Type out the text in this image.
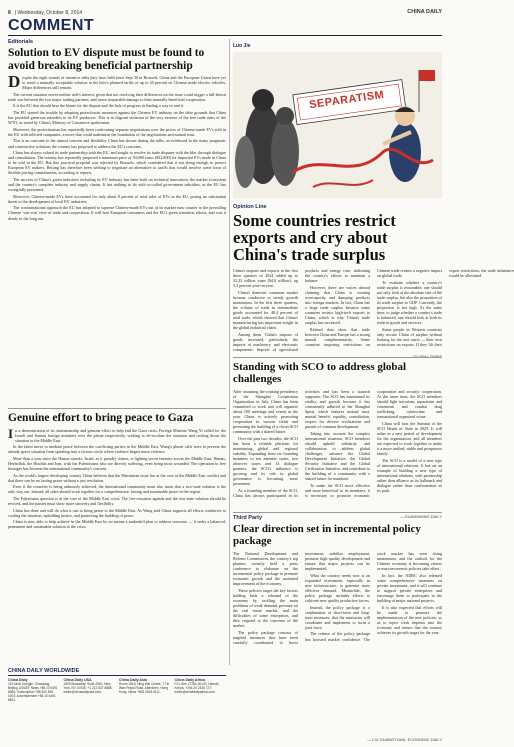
8 | Wednesday, October 8, 2014	CHINA DAILY
COMMENT
Editorials
Solution to EV dispute must be found to avoid breaking beneficial partnership

Despite the eight rounds of intensive talks they have held since Sept 30 in Brussels, China and the European Union have yet to reach a mutually acceptable solution to the bloc's planned tariffs of up to 45 percent on Chinese made electric vehicles. Major differences still remain.

The current situation serves neither side's interest, given that not resolving their differences on the issue could trigger a full-blown trade war between the two major trading partners, and cause irreparable damage to their mutually beneficial cooperation.

It is the EU that should bear the blame for the dispute and the lack of progress in finding a way to end it.

The EU started the trouble by adopting protectionist measures against the Chinese EV industry on the false grounds that China has provided generous subsidies to its EV producers. This is in flagrant violation of the very essence of the free trade rules of the WTO, as noted by China's Ministry of Commerce spokesman.

Moreover, the protectionism has reportedly been confronting separate negotiations over the prices of Chinese-made EVs sold in the EU with selected companies, a move that could undermine the foundation of the negotiations and mutual trust.

This is an outcome to the utmost concern and flexibility China has shown during the talks, as evidenced in the many pragmatic and constructive solutions the country has proposed to address the EU's concerns.

China has always valued its trade partnership with the EU, and sought to resolve its trade disputes with the bloc through dialogue and consultation. The country has reportedly proposed a minimum price of 30,000 euros ($32,800) for imported EVs made in China to be sold in the EU. But this practical proposal was rejected by Brussels, which considered that it not doing enough to protect European EV makers. Beijing has therefore been seeking to negotiate an alternative to tariffs that would involve some form of flexible pricing commitments, according to reports.

The success of China's green industries including its EV industry has been built on technical innovation, the market ecosystem and the country's complete industry and supply chains. It has nothing to do with so-called government subsidies, as the EU has wrongfully presented.

Moreover, Chinese-made EVs have accounted for only about 8 percent of total sales of EVs in the EU, posing no substantial threat to the development of local EV industries.

The confrontational approach the EU has adopted to squeeze Chinese-made EVs out of its market runs counter to the prevailing Chinese 'win-win' view of trade and cooperation. It will hurt European consumers and the EU's green transition efforts, and cost it dearly in the long run.

Genuine effort to bring peace to Gaza

In a demonstration of its statesmanship and genuine effort to help end the Gaza crisis, Foreign Minister Wang Yi called for the Israeli and Iranian foreign ministers over the phone respectively, seeking to de-escalate the situation and cooling down the situation in the Middle East.

In the latest move to mediate peace between the conflicting parties in the Middle East, Wang's phone calls were to prevent the already grave situation from spiraling into a vicious circle where violence begets more violence.

More than a year since the Hamas attacks, Israel, as it proudly claims, is fighting seven enemies across the Middle East: Hamas, Hezbollah, the Houthis and Iran, with the Palestinians who are directly suffering, even being most wounded. The operation to free hostages has become the international community's concern.

As the world's largest developing country China believes that the Palestinian issue lies at the core of the Middle East conflict and that there can be no lasting peace without a just resolution.

Even if the ceasefire is being arduously achieved, the international community must also insist that a two-state solution is the only way out. Instead, all sides should work together for a comprehensive, lasting and sustainable peace in the region.

The Palestinian question is at the core of the Middle East crisis. The fire-cessation agenda and the two-state solution should be revived, and the parties must show more sincerity and flexibility.

China has done and will do what it can to bring peace to the Middle East. As Wang said China supports all efforts conducive to cooling the situation, upholding justice, and promoting the building of peace.

China is now able to help achieve in the Middle East by no means a makeshift plan to address concerns — it seeks a balanced, permanent and sustainable solution to the crisis.

Luo Jie
SEPARATISM
Opinion Line
Some countries restrict exports and cry about China's trade surplus

China's imports and exports in the first three quarters of 2024 added up to 32.33 trillion yuan ($4.6 trillion), up 5.3 percent year-on-year.

China's domestic consumer market became conducive to steady growth momentum. In the first three quarters, the volume of trade in intermediate goods accounted for 48.4 percent of total trade, which showed that China's manufacturing has important weight in the global industrial chain.

Among them, China's imports of goods increased, particularly the imports of machinery, and electronic components. Imports of agricultural products and energy rose, indicating the country's efforts to maintain a balance.

However, there are voices abroad claiming that China is creating overcapacity and dumping products into foreign markets. In fact, China has a large trade surplus because some countries restrict high-tech exports to China, which is why China's trade surplus has increased.

Related data show that trade between China and Europe has a strong mutual complementarity. Some countries imposing restrictions on Chinese trade creates a negative impact on global trade.

To evaluate whether a country's trade surplus is reasonable, one should not only look at the absolute size of the trade surplus, but also the proportion of its trade surplus to GDP. Currently, the proportion is not high. At the same time, to judge whether a country's trade is balanced, one should look at both its trade in goods and services.

Some people in Western countries only accuse China of surplus without looking for the root cause — their own restrictions on exports. If they lift their export restrictions, the trade imbalance would be alleviated.

— GLOBAL TIMES
Standing with SCO to address global challenges

After assuming the rotating presidency of the Shanghai Cooperation Organization in July, China has been committed to work and will organize about 100 meetings and events in the year. China is actively promoting cooperation in various fields and promoting the building of a closer SCO community with a shared future.

Over the past two decades, the SCO has been a reliable platform for maintaining global and regional stability. Expanding from six founding members to ten member states, two observer states and 14 dialogue partners, the SCO's influence is growing and its role in global governance is becoming more prominent.

As a founding member of the SCO, China has always participated in its activities and has been a staunch supporter. The SCO has maintained its vitality and growth because it has consistently adhered to the Shanghai Spirit, which features mutual trust, mutual benefit, equality, consultation, respect for diverse civilizations and pursuit of common development.

Taking into account the complex international situation, SCO members should uphold solidarity and collaboration to address global challenges, advance the Global Development Initiative, the Global Security Initiative and the Global Civilization Initiative, and contribute to the building of a community with a shared future for mankind.

To make the SCO more effective and more beneficial to its members, it is necessary to promote economic cooperation and security cooperation. At the same time, the SCO members should fight terrorism, separatism and extremism and combat drug trafficking, cybercrime and transnational organized crime.

China will host the Summit of the SCO Heads of State in 2025. It will usher in a new period of development for the organization, and all members are expected to work together to make it a more unified, stable and prosperous family.

The SCO is a model of a new type of international relations. It has set an example of building a new type of international relations, with partnership rather than alliance as its hallmark and dialogue rather than confrontation as its path.

— GUANGMING DAILY
Third Party
Clear direction set in incremental policy package

The National Development and Reform Commission, the country's top planner, recently held a press conference to elaborate on the incremental policy package to promote economic growth and the sustained improvement of the economy.

These policies target the key factors holding back a rebound of the economy by tackling the main problems of weak demand, pressure on the real estate market, and the difficulties of some enterprises, and they respond to the concerns of the market.

The policy package consists of targeted measures that have been carefully coordinated to boost investment, stabilize employment, promote high-quality development and ensure that major projects can be implemented.

What the country needs now is an expanded investment, especially in new infrastructure, to generate more effective demand. Meanwhile, the policy package includes efforts to cultivate new quality productive forces.

Instead, the policy package is a combination of short-term and long-term measures, that the ministries will coordinate and implement to form a joint force.

The release of the policy package has boosted market confidence. The stock market has seen rising momentum, and the outlook for the Chinese economy is becoming clearer as macroeconomic policies take effect.

In fact, the NDRC also released some comprehensive measures on private investment, and it will continue to support private enterprises and encourage them to participate in the building of major national projects.

It is also expected that efforts will be made to promote the implementation of the new policies, so as to inject fresh impetus into the economy and ensure that the country achieves its growth target for the year.

— LIU GUANGYUAN, ECONOMIC DAILY
CHINA DAILY WORLDWIDE
China Daily
15 Huixin Dongjie, Chaoyang, Beijing 100029. News +86 10 6491 8366; Subscription +86 400 699 0203; Advertisement +86 10 6491 8631.
China Daily USA
1500 Broadway, Suite 2800, New York, NY 10036. +1 212 537 8888; editor@chinadailyusa.com.
China Daily Asia
Room 1818, Hing Wai Centre, 7 Tin Wan Praya Road, Aberdeen, Hong Kong. News +852 2518 5111.
China Daily Africa
P.O. Box 27281-00100, Nairobi, Kenya. +254 20 2428 727; editor@chinadailyafrica.com.
